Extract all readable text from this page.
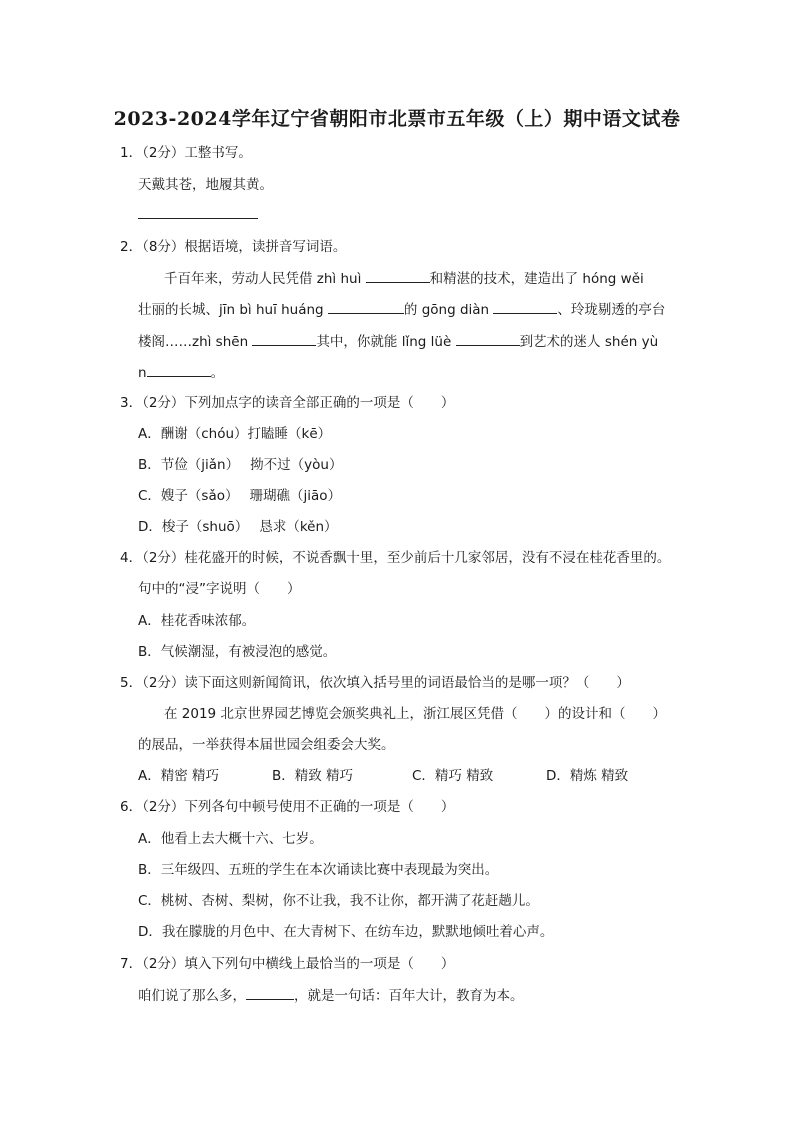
2023-2024学年辽宁省朝阳市北票市五年级（上）期中语文试卷
1．（2分）工整书写。
天戴其苍，地履其黄。
2．（8分）根据语境，读拼音写词语。
千百年来，劳动人民凭借 zhì huì	和精湛的技术，建造出了 hóng wěi
壮丽的长城、jīn bì huī huáng	的 gōng diàn	、玲珑剔透的亭台
楼阁……zhì shēn	其中，你就能 lǐng lüè	到艺术的迷人 shén yù
n	。
3．（2分）下列加点字的读音全部正确的一项是（　　）
A．酬谢（chóu）打瞌睡（kē）
B．节俭（jiǎn）　 拗不过（yòu）
C．嫂子（sǎo）　 珊瑚礁（jiāo）
D．梭子（shuō）　 恳求（kěn）
4．（2分）桂花盛开的时候，不说香飘十里，至少前后十几家邻居，没有不浸在桂花香里的。
句中的“浸”字说明（　　）
A．桂花香味浓郁。
B．气候潮湿，有被浸泡的感觉。
5．（2分）读下面这则新闻简讯，依次填入括号里的词语最恰当的是哪一项？（　　）
在 2019 北京世界园艺博览会颁奖典礼上，浙江展区凭借（　　）的设计和（　　）
的展品，一举获得本届世园会组委会大奖。
A．精密 精巧	B．精致 精巧	C．精巧 精致	D．精炼 精致
6．（2分）下列各句中顿号使用不正确的一项是（　　）
A．他看上去大概十六、七岁。
B．三年级四、五班的学生在本次诵读比赛中表现最为突出。
C．桃树、杏树、梨树，你不让我，我不让你，都开满了花赶趟儿。
D．我在朦胧的月色中、在大青树下、在纺车边，默默地倾吐着心声。
7．（2分）填入下列句中横线上最恰当的一项是（　　）
咱们说了那么多，	，就是一句话：百年大计，教育为本。
